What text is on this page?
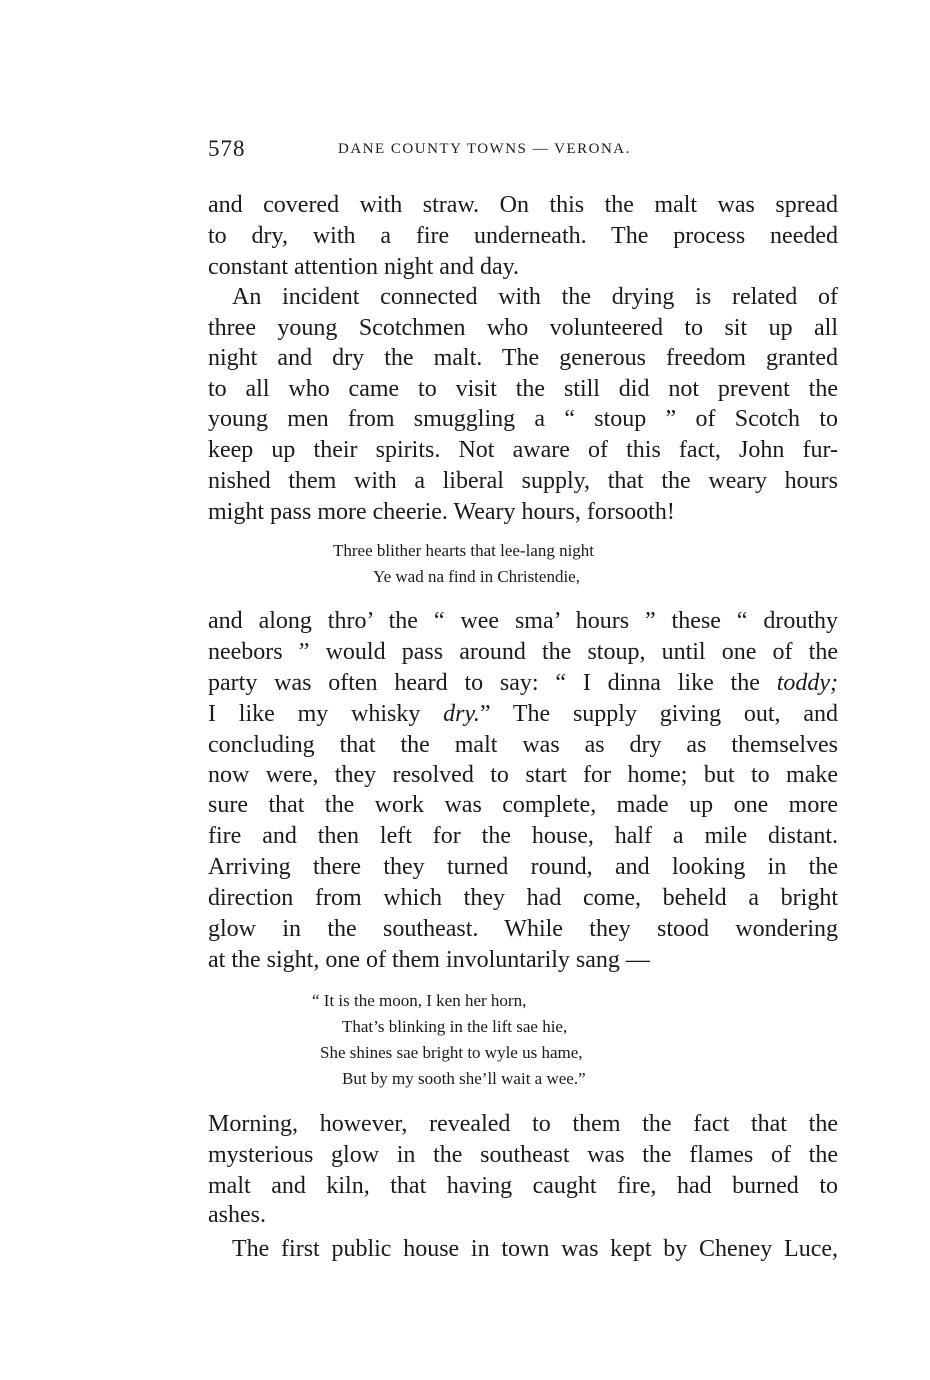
578	DANE COUNTY TOWNS — VERONA.
and covered with straw. On this the malt was spread
to dry, with a fire underneath. The process needed
constant attention night and day.
An incident connected with the drying is related of
three young Scotchmen who volunteered to sit up all
night and dry the malt. The generous freedom granted
to all who came to visit the still did not prevent the
young men from smuggling a “ stoup ” of Scotch to
keep up their spirits. Not aware of this fact, John fur-
nished them with a liberal supply, that the weary hours
might pass more cheerie. Weary hours, forsooth!
Three blither hearts that lee-lang night
Ye wad na find in Christendie,
and along thro’ the “ wee sma’ hours ” these “ drouthy
neebors ” would pass around the stoup, until one of the
party was often heard to say: “ I dinna like the toddy;
I like my whisky dry.” The supply giving out, and
concluding that the malt was as dry as themselves
now were, they resolved to start for home; but to make
sure that the work was complete, made up one more
fire and then left for the house, half a mile distant.
Arriving there they turned round, and looking in the
direction from which they had come, beheld a bright
glow in the southeast. While they stood wondering
at the sight, one of them involuntarily sang —
“ It is the moon, I ken her horn,
That’s blinking in the lift sae hie,
She shines sae bright to wyle us hame,
But by my sooth she’ll wait a wee.”
Morning, however, revealed to them the fact that the
mysterious glow in the southeast was the flames of the
malt and kiln, that having caught fire, had burned to
ashes.
The first public house in town was kept by Cheney Luce,
